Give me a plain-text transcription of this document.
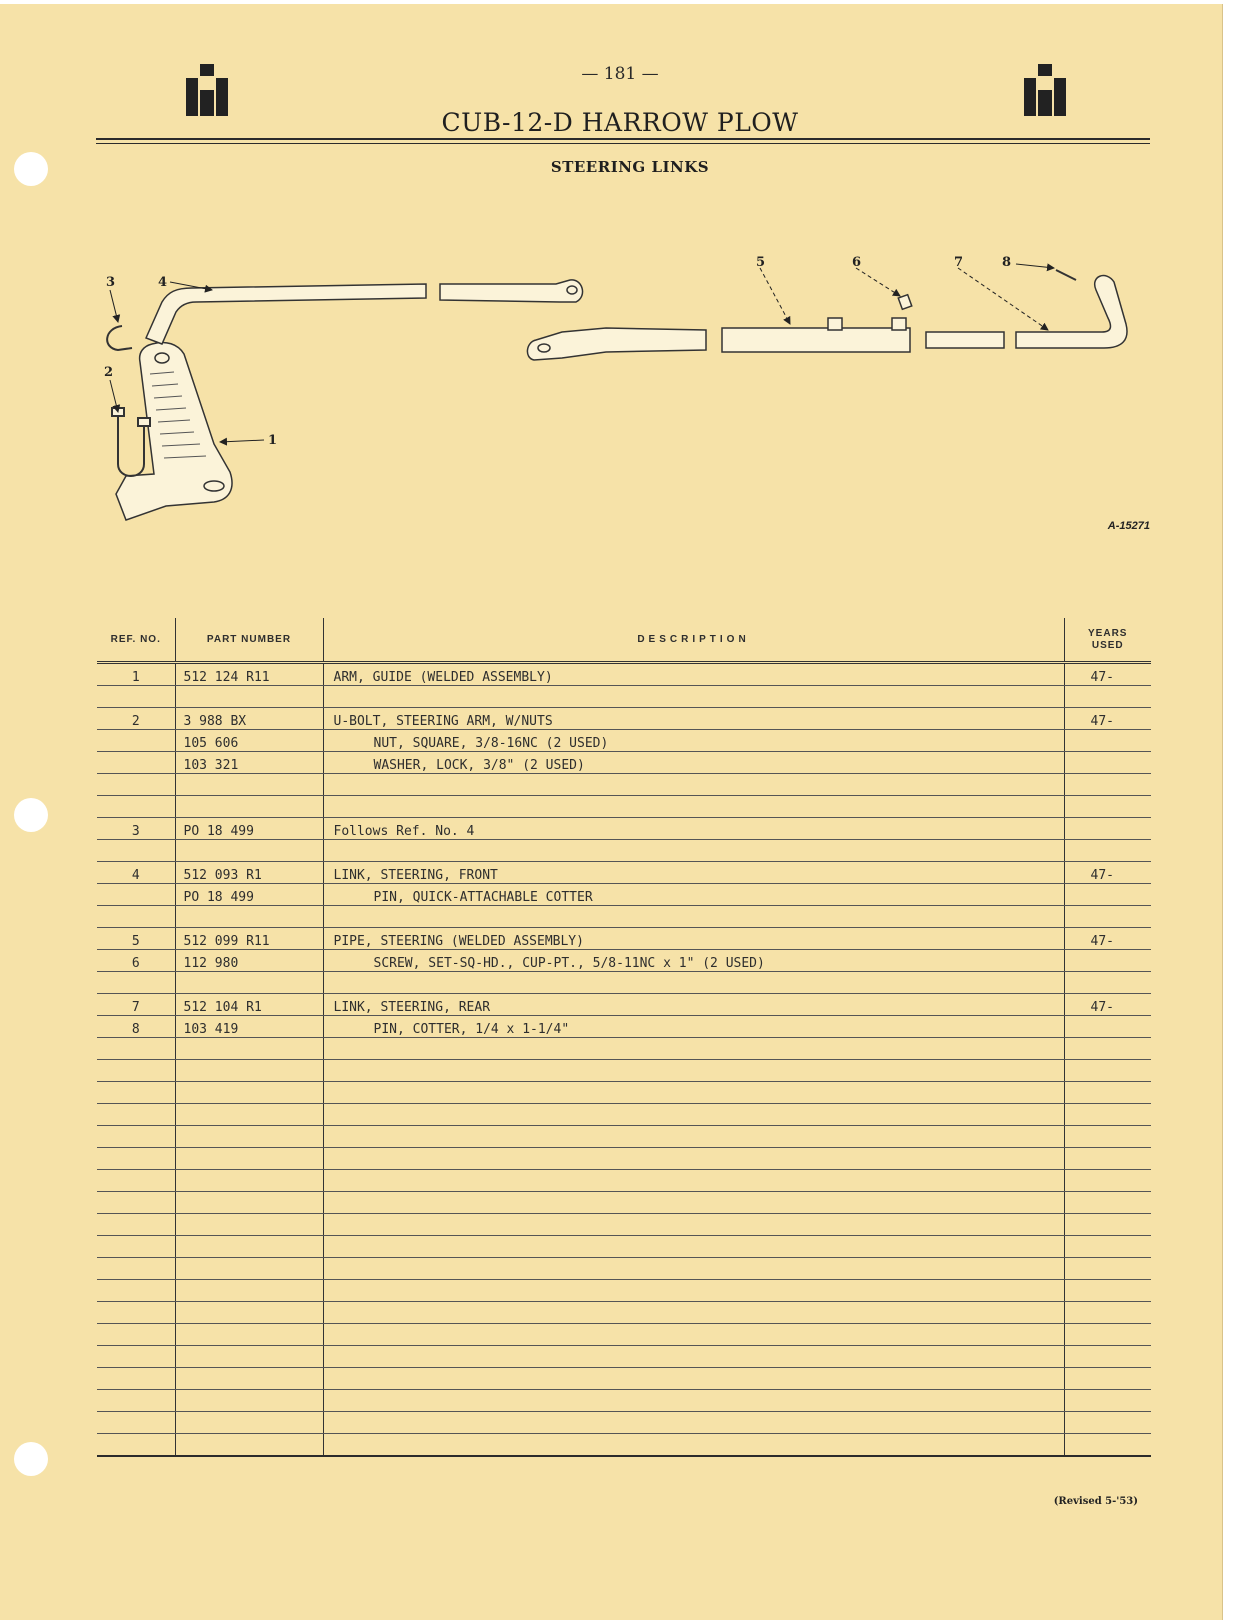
— 181 —
CUB-12-D HARROW PLOW
STEERING LINKS
3	4
2
1
5	6	7	8
A-15271
REF. NO.	PART NUMBER	DESCRIPTION	YEARS USED
1	512 124 R11	ARM, GUIDE (WELDED ASSEMBLY)	47-

2	3 988 BX	U-BOLT, STEERING ARM, W/NUTS	47-
	105 606	NUT, SQUARE, 3/8-16NC (2 USED)	
	103 321	WASHER, LOCK, 3/8" (2 USED)	

3	PO 18 499	Follows Ref. No. 4	

4	512 093 R1	LINK, STEERING, FRONT	47-
	PO 18 499	PIN, QUICK-ATTACHABLE COTTER	

5	512 099 R11	PIPE, STEERING (WELDED ASSEMBLY)	47-
6	112 980	SCREW, SET-SQ-HD., CUP-PT., 5/8-11NC x 1" (2 USED)	

7	512 104 R1	LINK, STEERING, REAR	47-
8	103 419	PIN, COTTER, 1/4 x 1-1/4"	

(Revised 5-'53)
